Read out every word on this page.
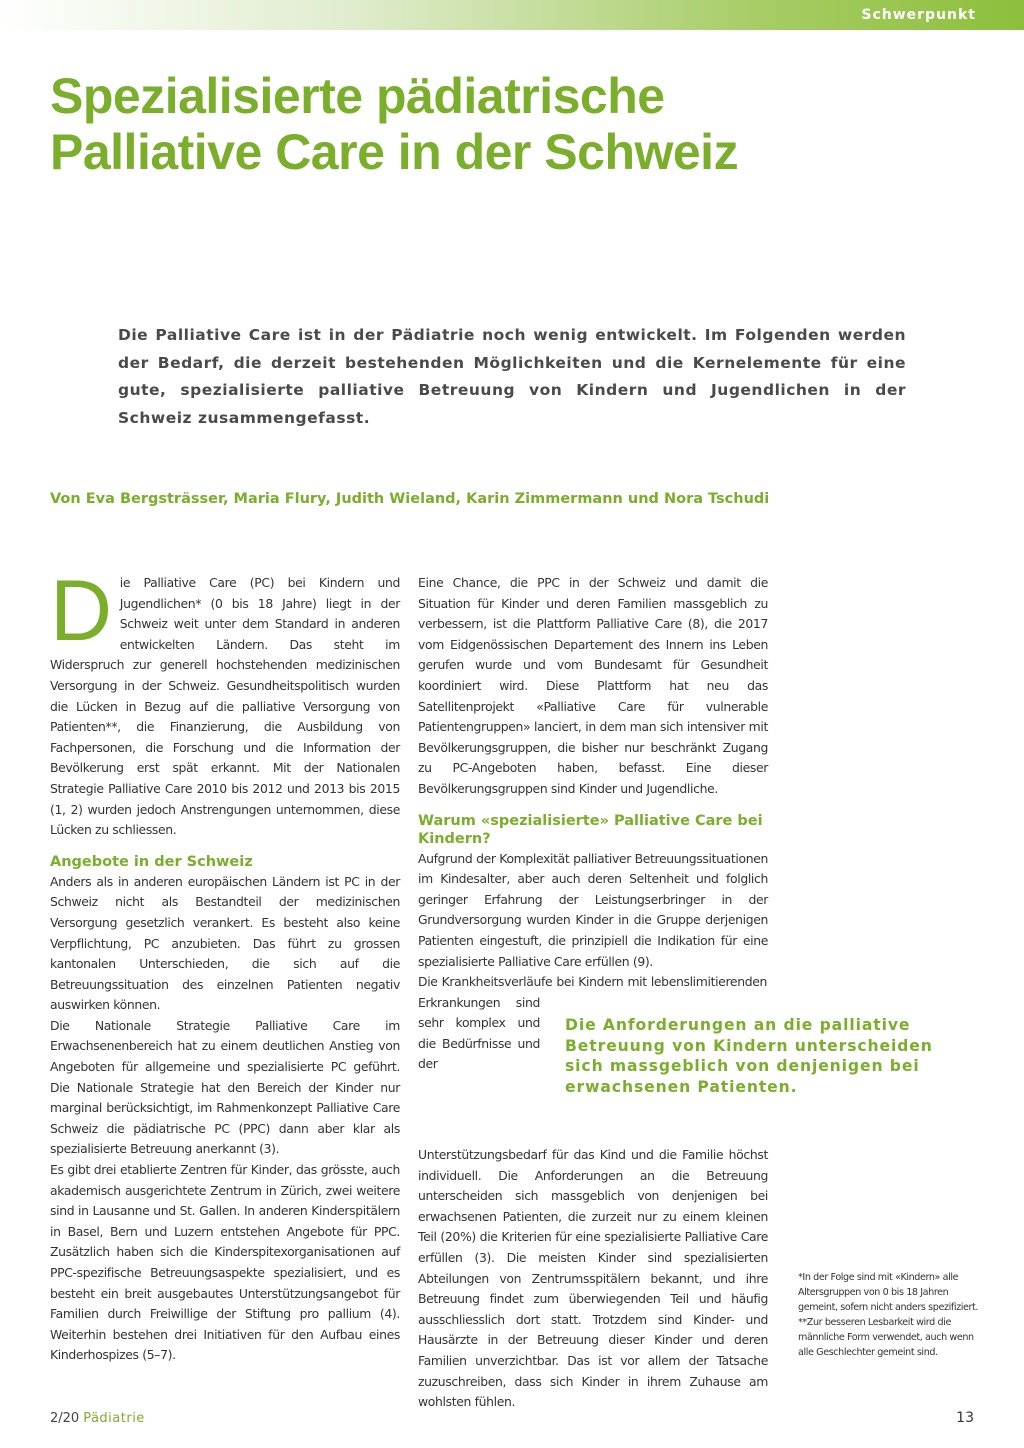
Schwerpunkt
Spezialisierte pädiatrische
Palliative Care in der Schweiz

Die Palliative Care ist in der Pädiatrie noch wenig entwickelt. Im Folgenden werden der Bedarf, die derzeit bestehenden Möglichkeiten und die Kernelemente für eine gute, spezialisierte palliative Betreuung von Kindern und Jugendlichen in der Schweiz zusammengefasst.

Von Eva Bergsträsser, Maria Flury, Judith Wieland, Karin Zimmermann und Nora Tschudi

Die Palliative Care (PC) bei Kindern und Jugendlichen* (0 bis 18 Jahre) liegt in der Schweiz weit unter dem Standard in anderen entwickelten Ländern. Das steht im Widerspruch zur generell hochstehenden medizinischen Versorgung in der Schweiz. Gesundheitspolitisch wurden die Lücken in Bezug auf die palliative Versorgung von Patienten**, die Finanzierung, die Ausbildung von Fachpersonen, die Forschung und die Information der Bevölkerung erst spät erkannt. Mit der Nationalen Strategie Palliative Care 2010 bis 2012 und 2013 bis 2015 (1, 2) wurden jedoch Anstrengungen unternommen, diese Lücken zu schliessen.

Angebote in der Schweiz

Anders als in anderen europäischen Ländern ist PC in der Schweiz nicht als Bestandteil der medizinischen Versorgung gesetzlich verankert. Es besteht also keine Verpflichtung, PC anzubieten. Das führt zu grossen kantonalen Unterschieden, die sich auf die Betreuungssituation des einzelnen Patienten negativ auswirken können.

Die Nationale Strategie Palliative Care im Erwachsenenbereich hat zu einem deutlichen Anstieg von Angeboten für allgemeine und spezialisierte PC geführt. Die Nationale Strategie hat den Bereich der Kinder nur marginal berücksichtigt, im Rahmenkonzept Palliative Care Schweiz die pädiatrische PC (PPC) dann aber klar als spezialisierte Betreuung anerkannt (3).

Es gibt drei etablierte Zentren für Kinder, das grösste, auch akademisch ausgerichtete Zentrum in Zürich, zwei weitere sind in Lausanne und St. Gallen. In anderen Kinderspitälern in Basel, Bern und Luzern entstehen Angebote für PPC. Zusätzlich haben sich die Kinderspitexorganisationen auf PPC-spezifische Betreuungsaspekte spezialisiert, und es besteht ein breit ausgebautes Unterstützungsangebot für Familien durch Freiwillige der Stiftung pro pallium (4). Weiterhin bestehen drei Initiativen für den Aufbau eines Kinderhospizes (5–7).

Eine Chance, die PPC in der Schweiz und damit die Situation für Kinder und deren Familien massgeblich zu verbessern, ist die Plattform Palliative Care (8), die 2017 vom Eidgenössischen Departement des Innern ins Leben gerufen wurde und vom Bundesamt für Gesundheit koordiniert wird. Diese Plattform hat neu das Satellitenprojekt «Palliative Care für vulnerable Patientengruppen» lanciert, in dem man sich intensiver mit Bevölkerungsgruppen, die bisher nur beschränkt Zugang zu PC-Angeboten haben, befasst. Eine dieser Bevölkerungsgruppen sind Kinder und Jugendliche.

Warum «spezialisierte» Palliative Care bei Kindern?

Aufgrund der Komplexität palliativer Betreuungssituationen im Kindesalter, aber auch deren Seltenheit und folglich geringer Erfahrung der Leistungserbringer in der Grundversorgung wurden Kinder in die Gruppe derjenigen Patienten eingestuft, die prinzipiell die Indikation für eine spezialisierte Palliative Care erfüllen (9).

Die Krankheitsverläufe bei Kindern mit lebenslimitierenden Erkrankungen sind sehr komplex und die Bedürfnisse und der Unterstützungsbedarf für das Kind und die Familie höchst individuell. Die Anforderungen an die Betreuung unterscheiden sich massgeblich von denjenigen bei erwachsenen Patienten, die zurzeit nur zu einem kleinen Teil (20%) die Kriterien für eine spezialisierte Palliative Care erfüllen (3). Die meisten Kinder sind spezialisierten Abteilungen von Zentrumsspitälern bekannt, und ihre Betreuung findet zum überwiegenden Teil und häufig ausschliesslich dort statt. Trotzdem sind Kinder- und Hausärzte in der Betreuung dieser Kinder und deren Familien unverzichtbar. Das ist vor allem der Tatsache zuzuschreiben, dass sich Kinder in ihrem Zuhause am wohlsten fühlen.

Die Anforderungen an die palliative Betreuung von Kindern unterscheiden sich massgeblich von denjenigen bei erwachsenen Patienten.

*In der Folge sind mit «Kindern» alle Altersgruppen von 0 bis 18 Jahren gemeint, sofern nicht anders spezifiziert.

**Zur besseren Lesbarkeit wird die männliche Form verwendet, auch wenn alle Geschlechter gemeint sind.

2/20 Pädiatrie	13
